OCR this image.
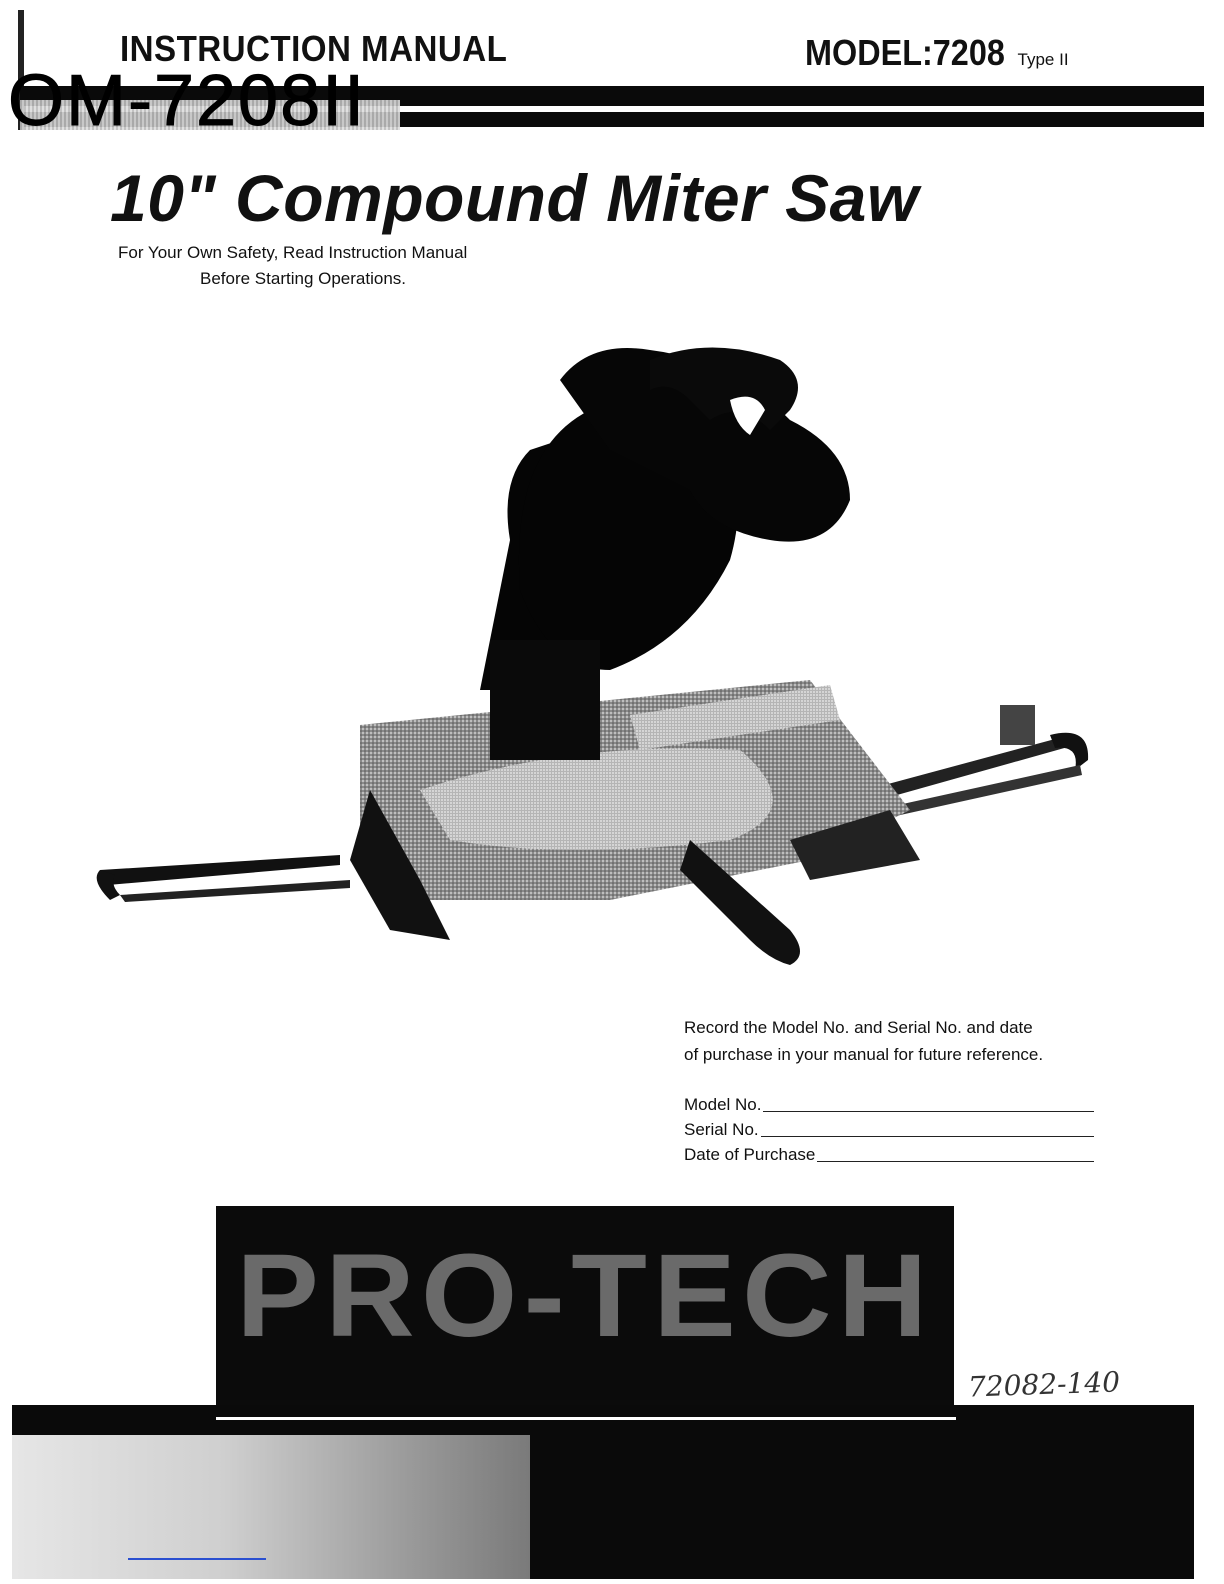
INSTRUCTION MANUAL	MODEL:7208 Type II
OM-7208II
10" Compound Miter Saw
For Your Own Safety, Read Instruction Manual
Before Starting Operations.
Record the Model No. and Serial No. and date
of purchase in your manual for future reference.
Model No.
Serial No.
Date of Purchase
PRO-TECH
72082-140
